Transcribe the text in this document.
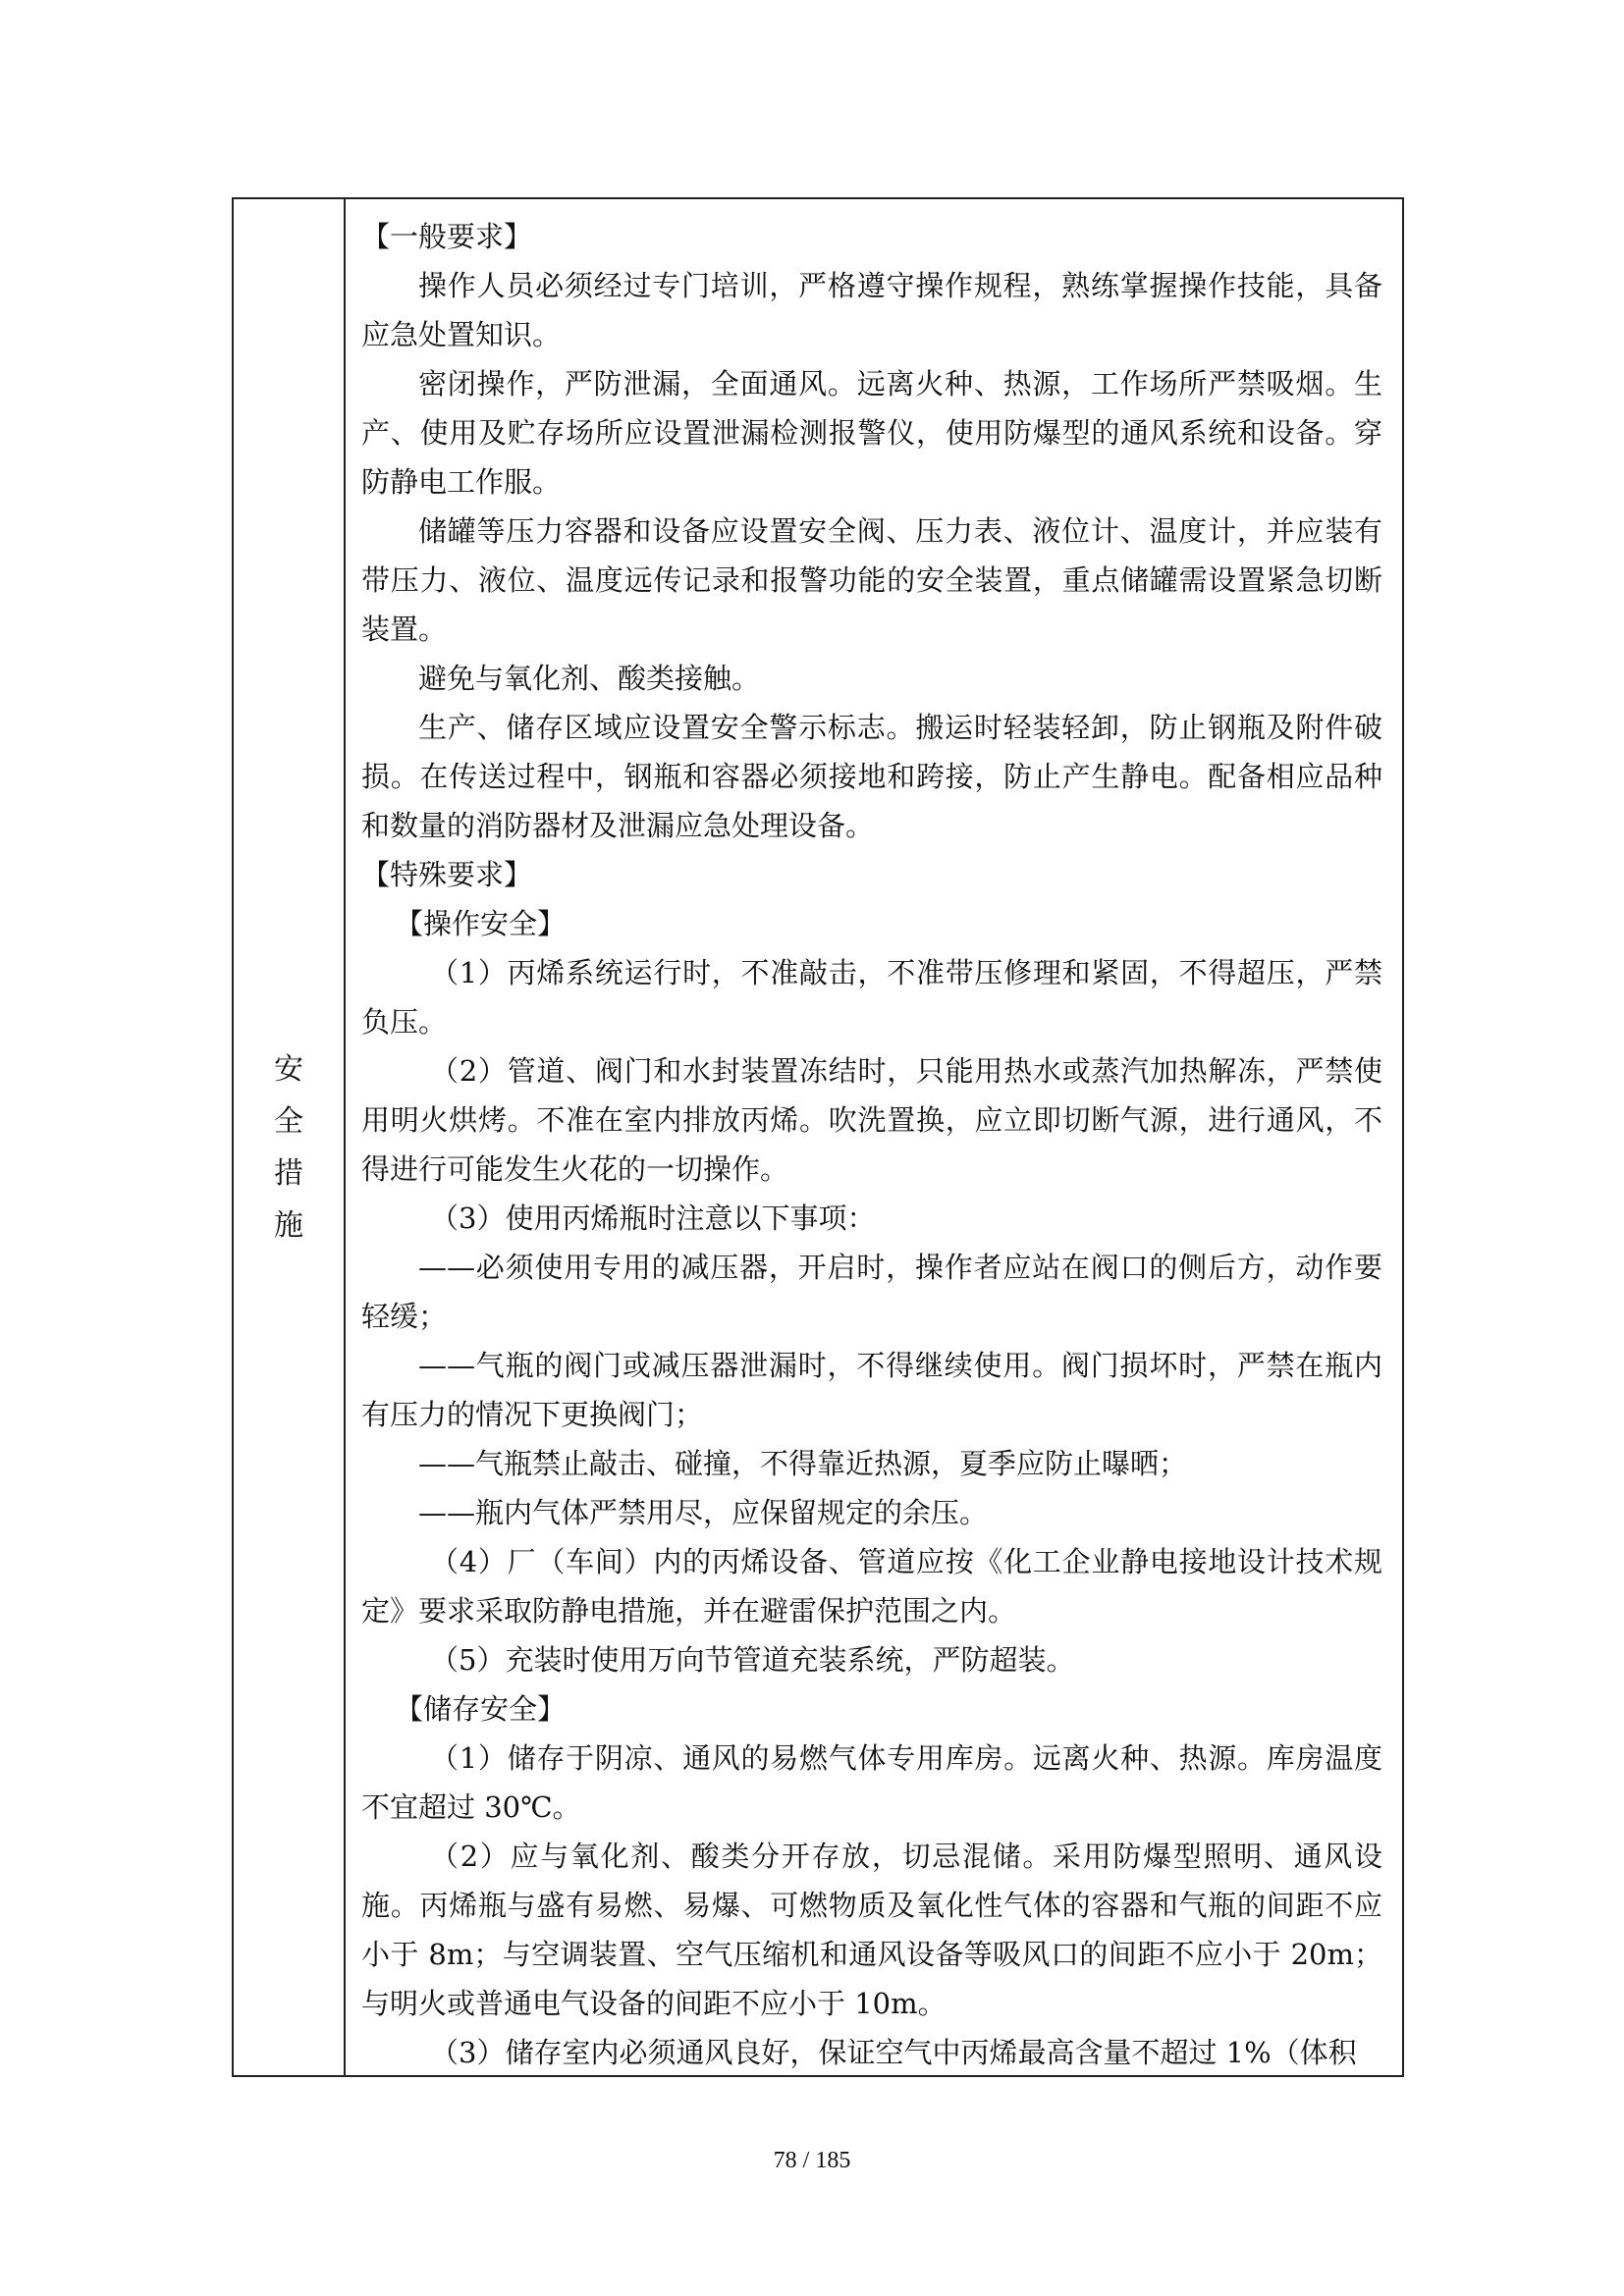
安
全
措
施

【一般要求】

操作人员必须经过专门培训，严格遵守操作规程，熟练掌握操作技能，具备应急处置知识。

密闭操作，严防泄漏，全面通风。远离火种、热源，工作场所严禁吸烟。生产、使用及贮存场所应设置泄漏检测报警仪，使用防爆型的通风系统和设备。穿防静电工作服。

储罐等压力容器和设备应设置安全阀、压力表、液位计、温度计，并应装有带压力、液位、温度远传记录和报警功能的安全装置，重点储罐需设置紧急切断装置。

避免与氧化剂、酸类接触。

生产、储存区域应设置安全警示标志。搬运时轻装轻卸，防止钢瓶及附件破损。在传送过程中，钢瓶和容器必须接地和跨接，防止产生静电。配备相应品种和数量的消防器材及泄漏应急处理设备。

【特殊要求】

【操作安全】

（1）丙烯系统运行时，不准敲击，不准带压修理和紧固，不得超压，严禁负压。

（2）管道、阀门和水封装置冻结时，只能用热水或蒸汽加热解冻，严禁使用明火烘烤。不准在室内排放丙烯。吹洗置换，应立即切断气源，进行通风，不得进行可能发生火花的一切操作。

（3）使用丙烯瓶时注意以下事项：

——必须使用专用的减压器，开启时，操作者应站在阀口的侧后方，动作要轻缓；

——气瓶的阀门或减压器泄漏时，不得继续使用。阀门损坏时，严禁在瓶内有压力的情况下更换阀门；

——气瓶禁止敲击、碰撞，不得靠近热源，夏季应防止曝晒；

——瓶内气体严禁用尽，应保留规定的余压。

（4）厂（车间）内的丙烯设备、管道应按《化工企业静电接地设计技术规定》要求采取防静电措施，并在避雷保护范围之内。

（5）充装时使用万向节管道充装系统，严防超装。

【储存安全】

（1）储存于阴凉、通风的易燃气体专用库房。远离火种、热源。库房温度不宜超过 30℃。

（2）应与氧化剂、酸类分开存放，切忌混储。采用防爆型照明、通风设施。丙烯瓶与盛有易燃、易爆、可燃物质及氧化性气体的容器和气瓶的间距不应小于 8m；与空调装置、空气压缩机和通风设备等吸风口的间距不应小于 20m；与明火或普通电气设备的间距不应小于 10m。

（3）储存室内必须通风良好，保证空气中丙烯最高含量不超过 1%（体积

78 / 185
